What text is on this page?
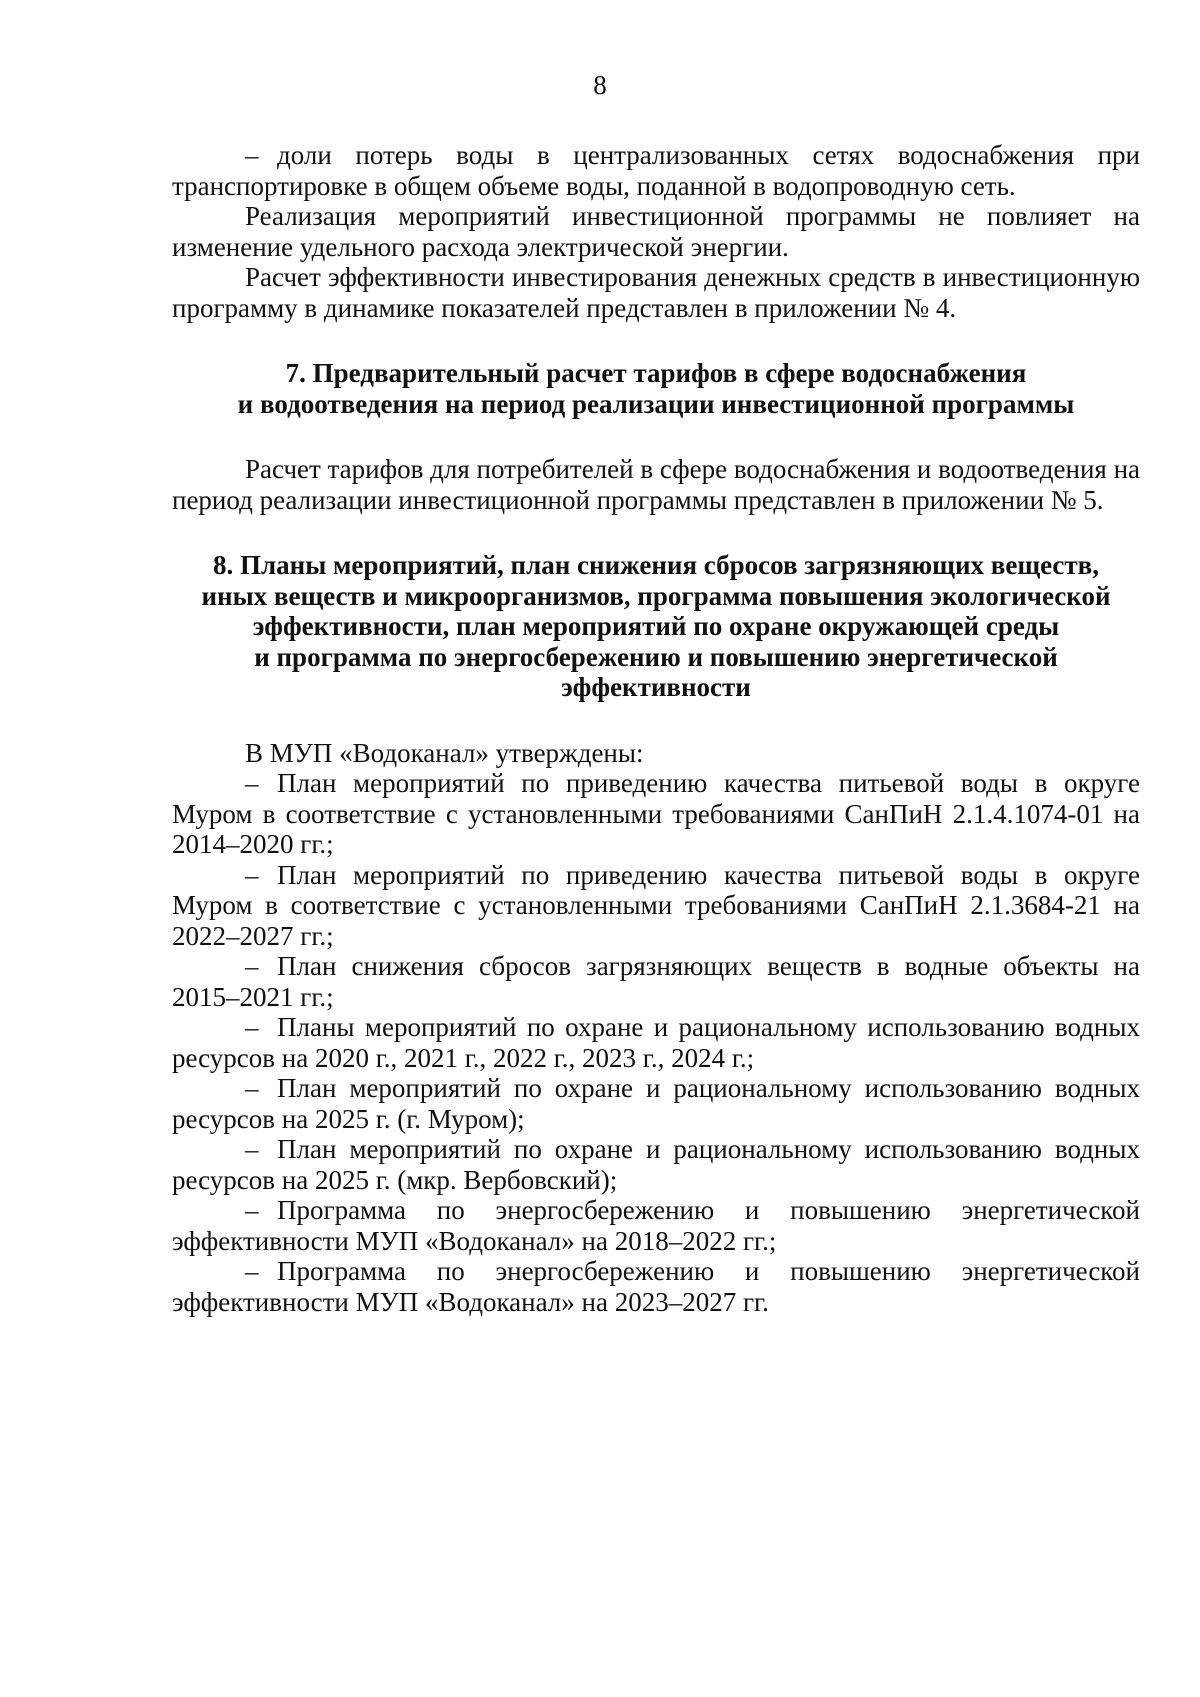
8

– доли потерь воды в централизованных сетях водоснабжения при транспортировке в общем объеме воды, поданной в водопроводную сеть.

Реализация мероприятий инвестиционной программы не повлияет на изменение удельного расхода электрической энергии.

Расчет эффективности инвестирования денежных средств в инвестиционную программу в динамике показателей представлен в приложении № 4.

7. Предварительный расчет тарифов в сфере водоснабжения
и водоотведения на период реализации инвестиционной программы

Расчет тарифов для потребителей в сфере водоснабжения и водоотведения на период реализации инвестиционной программы представлен в приложении № 5.

8. Планы мероприятий, план снижения сбросов загрязняющих веществ,
иных веществ и микроорганизмов, программа повышения экологической
эффективности, план мероприятий по охране окружающей среды
и программа по энергосбережению и повышению энергетической
эффективности

В МУП «Водоканал» утверждены:

– План мероприятий по приведению качества питьевой воды в округе Муром в соответствие с установленными требованиями СанПиН 2.1.4.1074-01 на 2014–2020 гг.;

– План мероприятий по приведению качества питьевой воды в округе Муром в соответствие с установленными требованиями СанПиН 2.1.3684-21 на 2022–2027 гг.;

– План снижения сбросов загрязняющих веществ в водные объекты на 2015–2021 гг.;

– Планы мероприятий по охране и рациональному использованию водных ресурсов на 2020 г., 2021 г., 2022 г., 2023 г., 2024 г.;

– План мероприятий по охране и рациональному использованию водных ресурсов на 2025 г. (г. Муром);

– План мероприятий по охране и рациональному использованию водных ресурсов на 2025 г. (мкр. Вербовский);

– Программа по энергосбережению и повышению энергетической эффективности МУП «Водоканал» на 2018–2022 гг.;

– Программа по энергосбережению и повышению энергетической эффективности МУП «Водоканал» на 2023–2027 гг.
